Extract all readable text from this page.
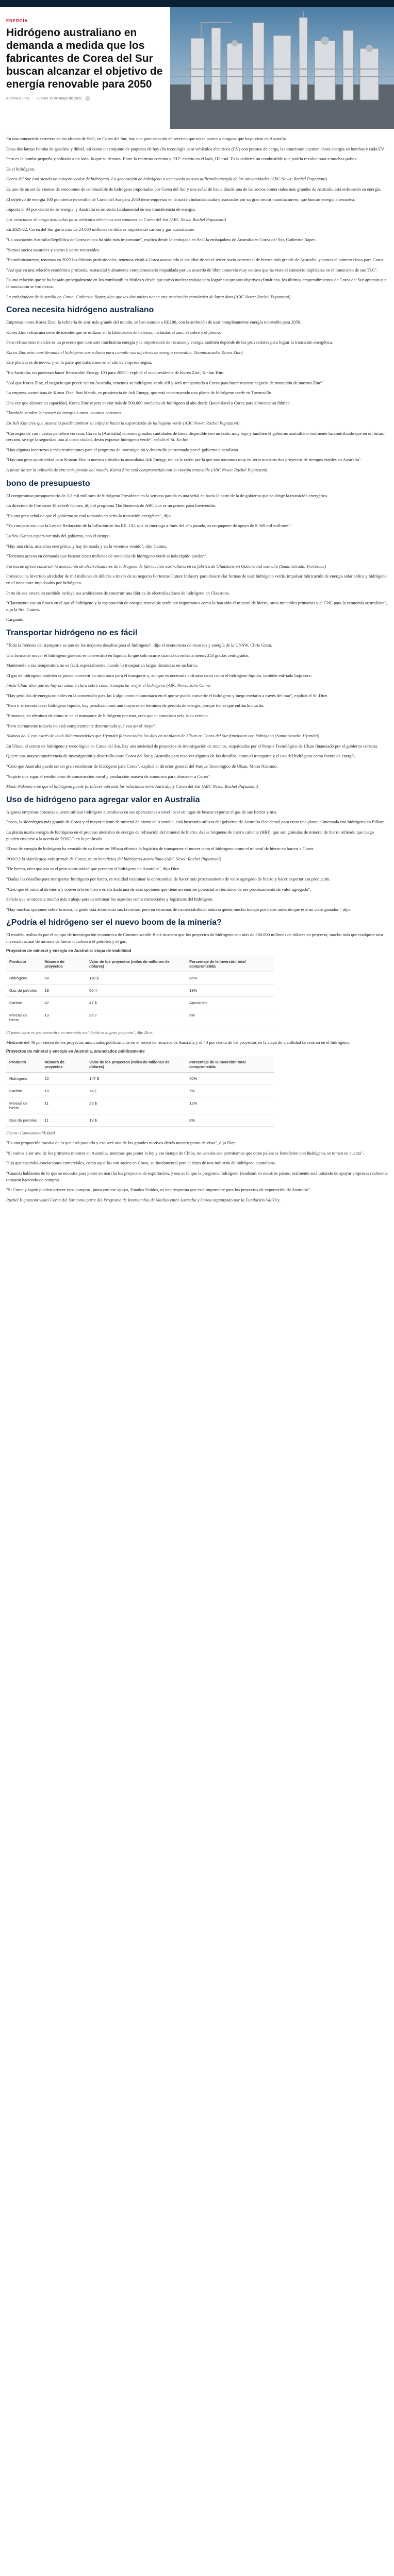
ENERGÍA
Hidrógeno australiano en demanda a medida que los fabricantes de Corea del Sur buscan alcanzar el objetivo de energía renovable para 2050
Andrea Hurley · Jueves 19 de mayo de 2022

En una concurrida carretera en las afueras de Seúl, en Corea del Sur, hay una gran estación de servicio que no se parece a ninguna que haya visto en Australia.

Estas dos lanzas bomba de gasolina y diésel, así como un conjunto de paquetes de hoy día tecnología para vehículos eléctricos (EV) con puestos de carga, las estaciones cuentan ahora energía en bombas y cada EV.

Pero es la bomba pequeña y solitaria a un lado, lo que se destaca. Entre la escritura coreana y "H2" escrito en el lado, H2 está. Es la cubierta un combustible que podría revolucionar a muchos países.

Es el hidrógeno.

Corea del Sur está siendo un autoproveedor de hidrógeno. La generación de hidrógeno a una escala masiva utilizando energía de las universidades (ABC News: Rachel Pupazzoni)

Es uno de un set de vientos de emociones de combustible de hidrógeno importados por Corea del Sur y una señal de hacia dónde una de las socios comerciales más grandes de Australia está enfocando su energía.

El objetivo de energía 100 por ciento renovable de Corea del Sur para 2050 tiene empresas en la nación industrializada y asociados por su gran sector manufacturero, que buscan energía alternativa.

Importa el 93 por ciento de su energía, y Australia es un socio fundamental en esa transferencia de energía.

Las estaciones de carga dedicadas para vehículos eléctricos son comunes en Corea del Sur (ABC News: Rachel Pupazzoni)

En 2021-22, Corea del Sur gastó más de 24.000 millones de dólares importando carbón y gas australianos.

"La asociación Australia-República de Corea nunca ha sido más importante", explica desde la embajada en Seúl la embajadora de Australia en Corea del Sur, Catherine Raper.

"Somos socios naturales y socios y pares renovables.

"Económicamente, tenemos en 2022 los últimos profesionales, tenemos visitó a Corea avanzando al estudiar de ser el tercer socio comercial de bienes más grande de Australia, y somos el número cinco para Corea.

"Así que en una relación económica profunda, sustancial y altamente complementaria respaldada por un acuerdo de libre comercio muy exitoso que ha visto el comercio duplicarse en el transcurso de sus TLC".

Es una relación que se ha basado principalmente en los combustibles fósiles y desde que carbó nuclear trabaja para lograr sus propios objetivos climáticos, los últimos emprendimientos de Corea del Sur apuntan que la asociación se fortalezca.

La embajadora de Australia en Corea, Catherine Raper, dice que los dos países tienen una asociación económica de larga data (ABC News: Rachel Pupazzoni)

Corea necesita hidrógeno australiano

Empresas como Korea Zinc, la refinería de zinc más grande del mundo, se han sumido a RE100, con la ambición de usar completamente energía renovable para 2050.

Korea Zinc refina una serie de metales que se utilizan en la fabricación de baterías, incluidos el zinc, el cobre y el plomo.

Pero refinar esos metales es un proceso que consume muchísima energía y la importación de recursos y energía también depende de los proveedores para lograr la transición energética.

Korea Zinc está considerando el hidrógeno australiano para cumplir sus objetivos de energía renovable. (Suministrado: Korea Zinc)

Este planeta es de nuevo, y en la parte que trataremos en el año de empresa según.

"En Australia, no podemos hacer Renewable Energy 100 para 2050", explicó el vicepresidente de Korea Zinc, Ki-Jun Kim.

"Así que Korea Zinc, el negocio que puede ser en Australia, tenemos su hidrógeno verde allí y será transportado a Corea para hacer nuestro negocio de transición de nuestro Zinc".

La empresa australiana de Korea Zinc, Sun Metals, es propietaria de Ark Energy, que está construyendo una planta de hidrógeno verde en Townsville.

Una vez que alcance su capacidad, Korea Zinc espera enviar más de 500.000 toneladas de hidrógeno al año desde Queensland a Corea para alimentar su fábrica.

"También venden la escasez de energía a otros usuarios coreanos.

En Juli Kim cree que Australia puede cambiar su enfoque hacia la exportación de hidrógeno verde (ABC News: Rachel Pupazzoni)

"Corresponde con nuestra petrolera coreana. Corea la (Australia) tenemos grandes cantidades de tierra disponible con un costo muy bajo y también el gobierno australiano realmente ha contribuido que en un futuro cercano, se rige la seguridad una al costo ciudad, desea exportar hidrógeno verde", señaló el Sr. Ki-Jun.

"Hay algunas incertezas y más restricciones para el programa de investigación y desarrollo patrocinado por el gobierno australiano.

"Hay una gran oportunidad para Korean Zinc o nuestra subsidiaria australiana Ark Energy, esa es la razón por la que nos tomamos muy en serio nuestros dos proyectos de tiempos viables en Australia".

A pesar de ser la refinería de zinc más grande del mundo, Korea Zinc está comprometida con la energía renovable (ABC News: Rachel Pupazzoni)

bono de presupuesto

El compromiso presupuestario de 2,2 mil millones de hidrógeno Presidente en la semana pasada es una señal en hacia la parte de la de gobierno que se dirige la transición energética.

La directora de Fortescue Elizabeth Gaines, dijo al programa The Business de ABC que es un primer paso bienvenido.

"Es una gran señal de que el gobierno se está tomando en serio la transición energética", dijo.

"Ya comparo eso con la Ley de Reducción de la Inflación en los EE. UU. que es interiaga a fines del año pasado, es un paquete de apoyo de $ 369 mil millones".

La Sra. Gaines espera ver más del gobierno, con el tiempo.

"Hay una cima, una cima energética, y hay demanda y en la veremos venido", dijo Gaines.

"Tenemos acceso en demanda que buscan cinco millones de toneladas de hidrógeno verde si más rápido pueden".

Fortescue ofrece construir la asociación de electrolizadores de hidrógeno de fabricación australiana en su fábrica de Gladstone en Queensland este año (Suministrado: Fortescue)

Fortescue ha invertido alrededor de mil millones de dólares a través de su negocio Fortescue Future Industry para desarrollar formas de usar hidrógeno verde, impulsar fabricación de energía solar eólica y hidrógeno en el transporte impulsados por hidrógeno.

Parte de esa inversión también incluye sus ambiciones de construir una fábrica de electrolizadores de hidrógeno en Gladstone.

"Claramente vas un futuro en el que el hidrógeno y la exportación de energía renovable serán tan importantes como lo han sido el mineral de hierro, otros minerales primarios y el GNL para la economía australiana", dijo la Sra. Gaines.

Cargando...

Transportar hidrógeno no es fácil

"Toda la frenesia del transporte es uno de los mayores desafíos para el hidrógeno", dijo el economista de recursos y energía de la UNSW, Chris Grant.

Una forma de mover el hidrógeno gaseoso es convertirlo en líquido, lo que solo ocurre cuando su enfría a menos 253 grados centígrados.

Mantenerlo a esa temperatura no es fácil, especialmente cuando lo transportan largas distancias en un barco.

El gas de hidrógeno también se puede convertir en amoníaco para el transporte y, aunque es necesaria enfriarse tanto como el hidrógeno líquido, también enfriado bajo cero.

Inicia Chair dice que no hay un camino claro sobre cómo transportar mejor el hidrógeno (ABC News: John Gunn)

"Hay pérdidas de energía notables en la conversión para las á algo como el amoníaco en el que se pueda convertir el hidrógeno y luego enviarlo a través del mar", explicó el Sr. Dice.

"Para ir si remota crear hidrógeno líquido, hay penalizaciones aun mayores en términos de pérdida de energía, porque tienes que enfriarlo mucho.

"Entonces, en términos de cómo se en el transporte de hidrógeno por mar, creo que el amoníaco vela la su ventaja.

"Pero ciertamente todavía no está completamente determinado qué vaa ser el mejor".

Nikmoo del 1 con estrés de los 6.000 automóviles que Hyundai fabrica todos los días en su planta de Ulsan en Corea del Sur funcionan con hidrógeno (Suministrado: Hyundai)

En Ulsan, el centro de hidrógeno y tecnológica en Corea del Sur, hay una sociedad de proyectos de investigación de muchos, respaldados por el Parque Tecnológico de Ulsan financiado por el gobierno coreano.

Quiere una mayor transferencia de investigación y desarrollo entre Corea del Sur y Australia para resolver algunos de los desafíos, como el transporte y el uso del hidrógeno como fuente de energía.

"Creo que Australia puede ser un gran recolector de hidrógeno para Corea", explicó el director general del Parque Tecnológico de Ulsan, Moon Nakmoo.

"Supiste que sigas el rendimiento de construcción naval y producción masiva de amoníaco para abastecer a Corea".

Moon Nakmoo cree que el hidrógeno puede fortalecer aún más las relaciones entre Australia y Corea del Sur (ABC News: Rachel Pupazzoni)

Uso de hidrógeno para agregar valor en Australia

Algunas empresas coreanas quieren utilizar hidrógeno australiano en sus operaciones a nivel local en lugar de buscar exportar el gas de sus fierros y mis.

Posco, la siderúrgica más grande de Corea y el mayor cliente de mineral de hierro de Australia, está buscando utilizar del gobierno de Australia Occidental para crear una planta alimentada con hidrógeno en Pilbara.

La planta usaría energía de hidrógeno en el proceso intensivo de energía de refinación del mineral de hierro. Así se briquetas de hierro caliente (HBI), que son gránulos de mineral de hierro refinado que luego pueden enviarse a la acería de POSCO en la península.

El uso de energía de hidrógeno ha vencido de su fuente en Pilbara elimina la logística de transportar el mover tanto el hidrógeno como el mineral de hierro en barcos a Corea.

POSCO la siderúrgica más grande de Corea, es un beneficios del hidrógeno australiano (ABC News: Rachel Pupazzoni)

"De hecho, creo que esa es el gran oportunidad que presenta el hidrógeno en Australia", dijo Dice.

"Dadas las desafíos para transportar hidrógeno por barco, es realidad examinar la oportunidad de hacer más procesamiento de valor agregado de hierro y hacer exportar esa producido.

"Creo que el mineral de hierro y convertirlo en hierro es sin duda una de esas opciones que tiene un enorme potencial en términos de ese procesamiento de valor agregado".

Señala que se necesita mucho más trabajo para determinar los aspectos como comerciales y logísticos del hidrógeno.

"Hay muchas opciones sobre la mesa, la gente está abordando sus favoritos, pero en términos de comerciabilidad todavía queda mucho trabajo por hacer antes de que esté un claro ganador", dijo.

¿Podría el hidrógeno ser el nuevo boom de la minería?

El modelo realizado por el equipo de investigación económica de Commonwealth Bank muestra que los proyectos de hidrógeno son más de 300.000 millones de dólares en proyecto, mucho más que cualquier otra inversión actual de minería de hierro o carbón o el petróleo y el gas.

Proyectos de mineral y energía en Australia: etapa de viabilidad
Producto	Número de proyectos	Valor de los proyectos (miles de millones de dólares)	Porcentaje de la inversión total comprometida
Hidrógeno	68	118 $	86%
Gas de petróleo	19	50,4	19%
Carbón	42	47 $	Aproxim%
Mineral de hierro	13	26.7	8%
El punto clave es que convertirá en inversión real donde es la gran pregunta", dijo Dice.

Mediante del 40 por ciento de los proyectos anunciados públicamente en el sector de recursos de Australia y el 40 por ciento de los proyectos en la etapa de viabilidad se centran en el hidrógeno.

Proyectos de mineral y energía en Australia, anunciados públicamente
Producto	Número de proyectos	Valor de los proyectos (miles de millones de dólares)	Porcentaje de la inversión total comprometida
Hidrógeno	22	147 $	40%
Carbón	18	74.1	7%
Mineral de hierro	11	23 $	12%
Gas de petróleo	11	19 $	8%
Fuente: Commonwealth Bank

"Es una proporción masiva de lo que está pasando y eso será uno de los grandes motivos detrás nuestro punto de vista", dijo Dice.

"Si vamos a ser uno de los primeros motores en Australia, tenemos que poner la ley y ese tiempo de Chiba, no ustedes eso permitamos que otros países se beneficien con hidrógeno, se tomen en cuenta".

Dijo que esperaba asociaciones comerciales, como aquellas con socios en Corea, su fundamental para el éxito de una industria de hidrógeno australiana.

"Cuando hablamos de lo que se necesita para poner en marcha los proyectos de exportación, y eso es lo que la programa hidrógeno Headstart en nuestros países, realmente está tratando de apoyar empresas realmente tomaron haciendo de comprar.

"Si Corea y Japón pueden ofrecer esos compras, junto con ese apoyo, Estados Unidos, es una respuesta que está importante para los proyectos de exportación de Australia".

Rachel Pupazzoni visitó Corea del Sur como parte del Programa de Intercambio de Medios entre Australia y Corea organizado por la Fundación Walkley.
